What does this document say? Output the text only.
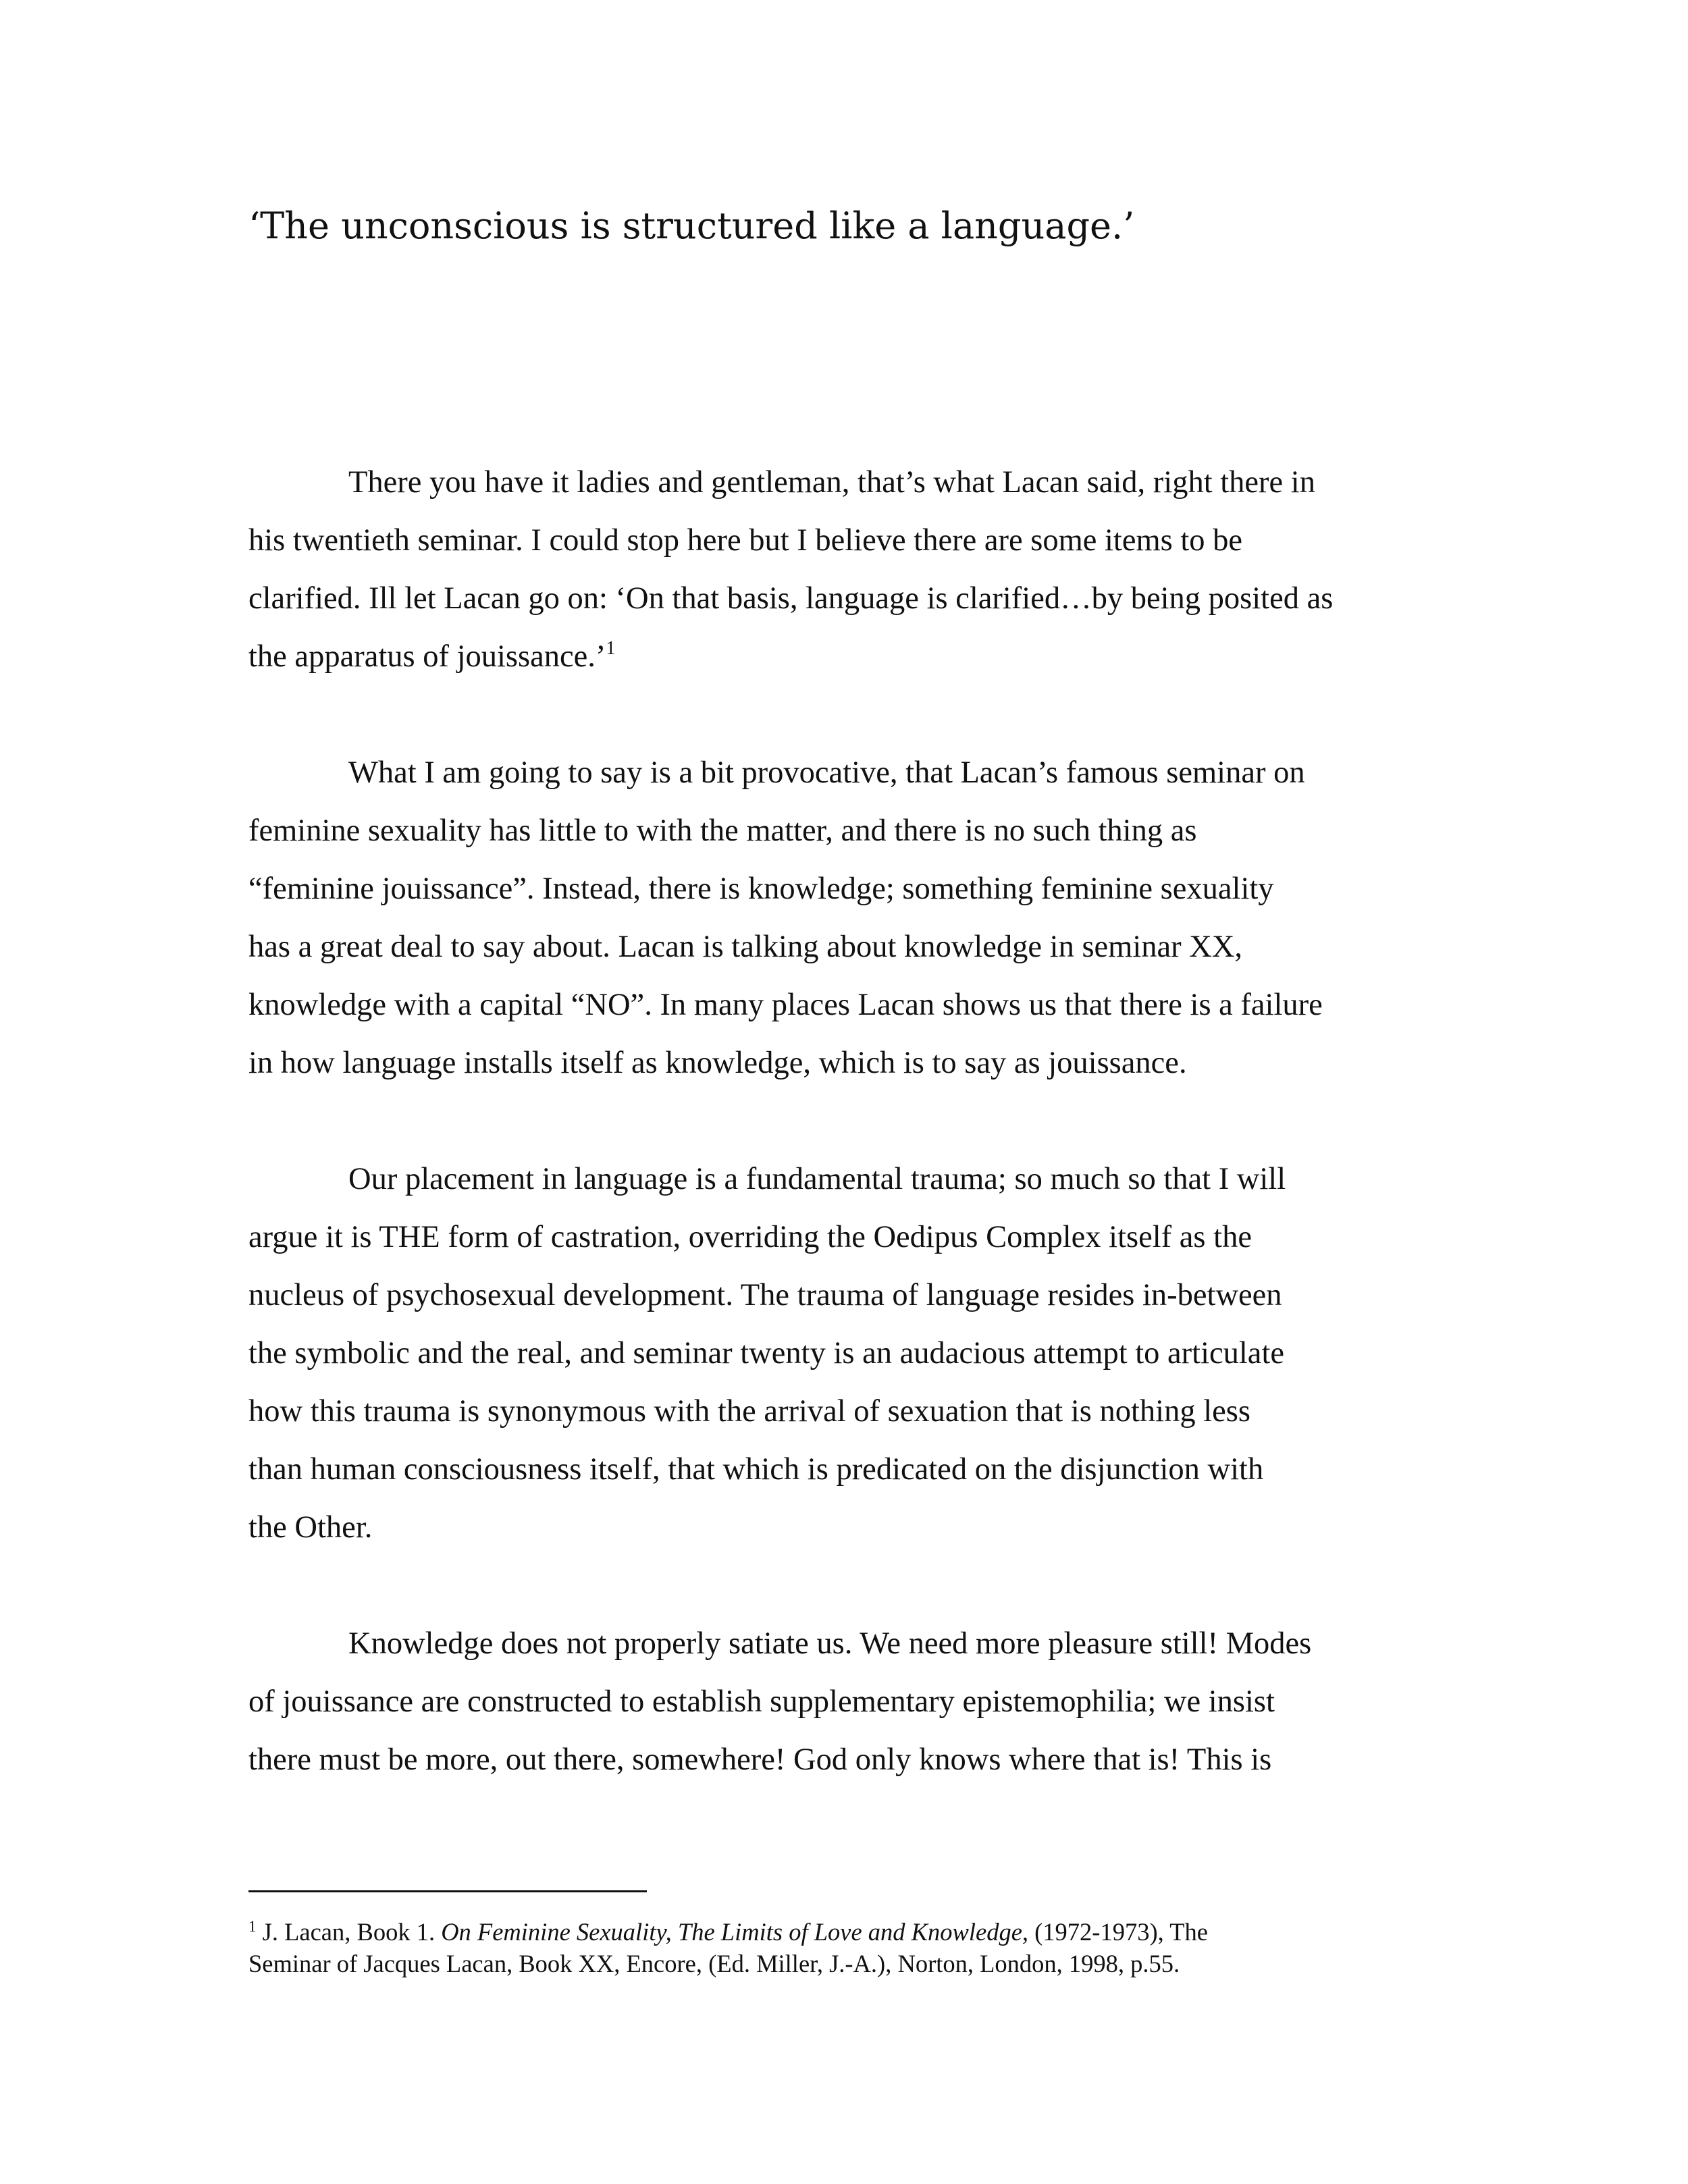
‘The unconscious is structured like a language.’

There you have it ladies and gentleman, that’s what Lacan said, right there in
his twentieth seminar. I could stop here but I believe there are some items to be
clarified. Ill let Lacan go on: ‘On that basis, language is clarified…by being posited as
the apparatus of jouissance.’$^1$

What I am going to say is a bit provocative, that Lacan’s famous seminar on
feminine sexuality has little to with the matter, and there is no such thing as
“feminine jouissance”. Instead, there is knowledge; something feminine sexuality
has a great deal to say about. Lacan is talking about knowledge in seminar XX,
knowledge with a capital “NO”. In many places Lacan shows us that there is a failure
in how language installs itself as knowledge, which is to say as jouissance.

Our placement in language is a fundamental trauma; so much so that I will
argue it is THE form of castration, overriding the Oedipus Complex itself as the
nucleus of psychosexual development. The trauma of language resides in-between
the symbolic and the real, and seminar twenty is an audacious attempt to articulate
how this trauma is synonymous with the arrival of sexuation that is nothing less
than human consciousness itself, that which is predicated on the disjunction with
the Other.

Knowledge does not properly satiate us. We need more pleasure still! Modes
of jouissance are constructed to establish supplementary epistemophilia; we insist
there must be more, out there, somewhere! God only knows where that is! This is

$^1$ J. Lacan, Book 1. On Feminine Sexuality, The Limits of Love and Knowledge, (1972-1973), The
Seminar of Jacques Lacan, Book XX, Encore, (Ed. Miller, J.-A.), Norton, London, 1998, p.55.
